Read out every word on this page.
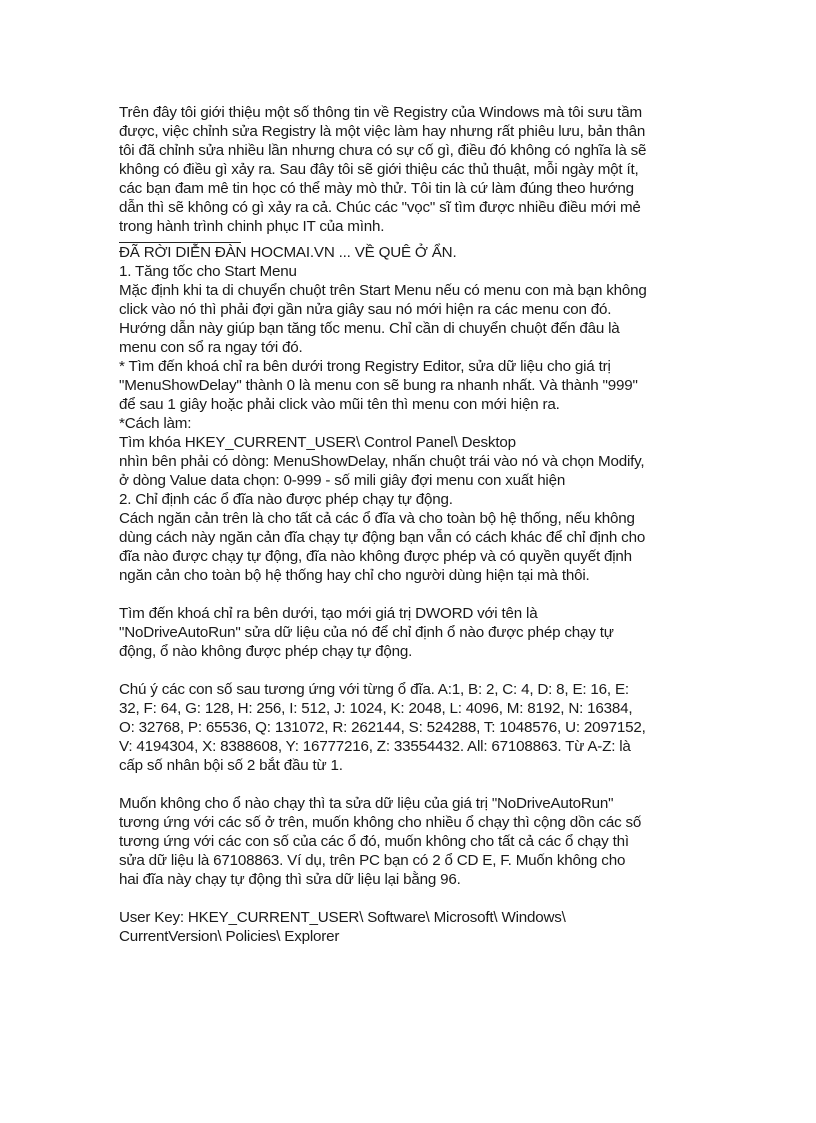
Trên đây tôi giới thiệu một số thông tin về Registry của Windows mà tôi sưu tầm

được, việc chỉnh sửa Registry là một việc làm hay nhưng rất phiêu lưu, bản thân

tôi đã chỉnh sửa nhiều lần nhưng chưa có sự cố gì, điều đó không có nghĩa là sẽ

không có điều gì xảy ra. Sau đây tôi sẽ giới thiệu các thủ thuật, mỗi ngày một ít,

các bạn đam mê tin học có thể mày mò thử. Tôi tin là cứ làm đúng theo hướng

dẫn thì sẽ không có gì xảy ra cả. Chúc các "vọc" sĩ tìm được nhiều điều mới mẻ

trong hành trình chinh phục IT của mình.

ĐÃ RỜI DIỄN ĐÀN HOCMAI.VN ... VỀ QUÊ Ở ẨN.

1. Tăng tốc cho Start Menu

Mặc định khi ta di chuyển chuột trên Start Menu nếu có menu con mà bạn không

click vào nó thì phải đợi gần nửa giây sau nó mới hiện ra các menu con đó.

Hướng dẫn này giúp bạn tăng tốc menu. Chỉ cần di chuyển chuột đến đâu là

menu con sổ ra ngay tới đó.

* Tìm đến khoá chỉ ra bên dưới trong Registry Editor, sửa dữ liệu cho giá trị

"MenuShowDelay" thành 0 là menu con sẽ bung ra nhanh nhất. Và thành "999"

để sau 1 giây hoặc phải click vào mũi tên thì menu con mới hiện ra.

*Cách làm:

Tìm khóa HKEY_CURRENT_USER\ Control Panel\ Desktop

nhìn bên phải có dòng: MenuShowDelay, nhấn chuột trái vào nó và chọn Modify,

ở dòng Value data chọn: 0-999 - số mili giây đợi menu con xuất hiện

2. Chỉ định các ổ đĩa nào được phép chạy tự động.

Cách ngăn cản trên là cho tất cả các ổ đĩa và cho toàn bộ hệ thống, nếu không

dùng cách này ngăn cản đĩa chạy tự động bạn vẫn có cách khác để chỉ định cho

đĩa nào được chạy tự động, đĩa nào không được phép và có quyền quyết định

ngăn cản cho toàn bộ hệ thống hay chỉ cho người dùng hiện tại mà thôi.

Tìm đến khoá chỉ ra bên dưới, tạo mới giá trị DWORD với tên là

"NoDriveAutoRun" sửa dữ liệu của nó để chỉ định ổ nào được phép chạy tự

động, ổ nào không được phép chạy tự động.

Chú ý các con số sau tương ứng với từng ổ đĩa. A:1, B: 2, C: 4, D: 8, E: 16, E:

32, F: 64, G: 128, H: 256, I: 512, J: 1024, K: 2048, L: 4096, M: 8192, N: 16384,

O: 32768, P: 65536, Q: 131072, R: 262144, S: 524288, T: 1048576, U: 2097152,

V: 4194304, X: 8388608, Y: 16777216, Z: 33554432. All: 67108863. Từ A-Z: là

cấp số nhân bội số 2 bắt đầu từ 1.

Muốn không cho ổ nào chạy thì ta sửa dữ liệu của giá trị "NoDriveAutoRun"

tương ứng với các số ở trên, muốn không cho nhiều ổ chạy thì cộng dồn các số

tương ứng với các con số của các ổ đó, muốn không cho tất cả các ổ chạy thì

sửa dữ liệu là 67108863. Ví dụ, trên PC bạn có 2 ổ CD E, F. Muốn không cho

hai đĩa này chạy tự động thì sửa dữ liệu lại bằng 96.

User Key: HKEY_CURRENT_USER\ Software\ Microsoft\ Windows\

CurrentVersion\ Policies\ Explorer
